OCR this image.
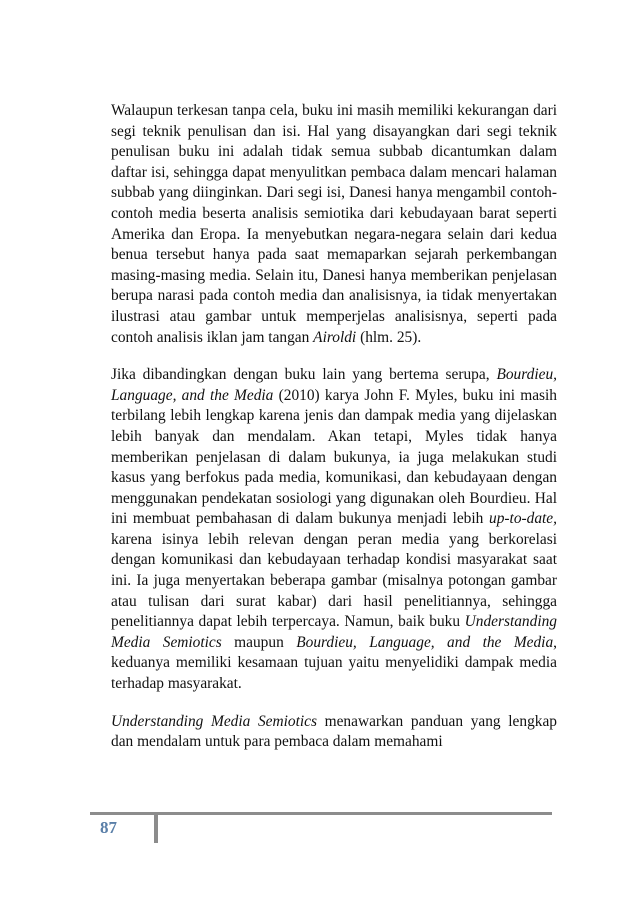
Walaupun terkesan tanpa cela, buku ini masih memiliki kekurangan dari segi teknik penulisan dan isi. Hal yang disayangkan dari segi teknik penulisan buku ini adalah tidak semua subbab dicantumkan dalam daftar isi, sehingga dapat menyulitkan pembaca dalam mencari halaman subbab yang diinginkan. Dari segi isi, Danesi hanya mengambil contoh-contoh media beserta analisis semiotika dari kebudayaan barat seperti Amerika dan Eropa. Ia menyebutkan negara-negara selain dari kedua benua tersebut hanya pada saat memaparkan sejarah perkembangan masing-masing media. Selain itu, Danesi hanya memberikan penjelasan berupa narasi pada contoh media dan analisisnya, ia tidak menyertakan ilustrasi atau gambar untuk memperjelas analisisnya, seperti pada contoh analisis iklan jam tangan Airoldi (hlm. 25).

Jika dibandingkan dengan buku lain yang bertema serupa, Bourdieu, Language, and the Media (2010) karya John F. Myles, buku ini masih terbilang lebih lengkap karena jenis dan dampak media yang dijelaskan lebih banyak dan mendalam. Akan tetapi, Myles tidak hanya memberikan penjelasan di dalam bukunya, ia juga melakukan studi kasus yang berfokus pada media, komunikasi, dan kebudayaan dengan menggunakan pendekatan sosiologi yang digunakan oleh Bourdieu. Hal ini membuat pembahasan di dalam bukunya menjadi lebih up-to-date, karena isinya lebih relevan dengan peran media yang berkorelasi dengan komunikasi dan kebudayaan terhadap kondisi masyarakat saat ini. Ia juga menyertakan beberapa gambar (misalnya potongan gambar atau tulisan dari surat kabar) dari hasil penelitiannya, sehingga penelitiannya dapat lebih terpercaya. Namun, baik buku Understanding Media Semiotics maupun Bourdieu, Language, and the Media, keduanya memiliki kesamaan tujuan yaitu menyelidiki dampak media terhadap masyarakat.

Understanding Media Semiotics menawarkan panduan yang lengkap dan mendalam untuk para pembaca dalam memahami

87
